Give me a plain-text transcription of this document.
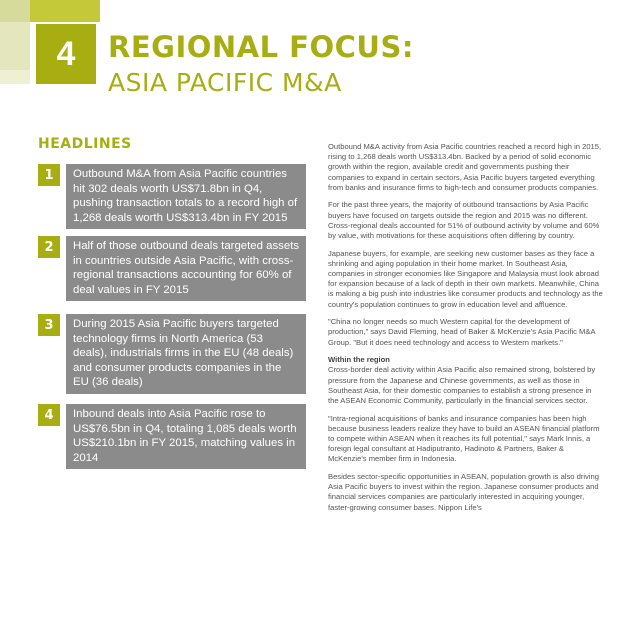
4	REGIONAL FOCUS:
ASIA PACIFIC M&A
HEADLINES
1	Outbound M&A from Asia Pacific countries hit 302 deals worth US$71.8bn in Q4, pushing transaction totals to a record high of 1,268 deals worth US$313.4bn in FY 2015
2	Half of those outbound deals targeted assets in countries outside Asia Pacific, with cross-regional transactions accounting for 60% of deal values in FY 2015
3	During 2015 Asia Pacific buyers targeted technology firms in North America (53 deals), industrials firms in the EU (48 deals) and consumer products companies in the EU (36 deals)
4	Inbound deals into Asia Pacific rose to US$76.5bn in Q4, totaling 1,085 deals worth US$210.1bn in FY 2015, matching values in 2014

Outbound M&A activity from Asia Pacific countries reached a record high in 2015, rising to 1,268 deals worth US$313.4bn. Backed by a period of solid economic growth within the region, available credit and governments pushing their companies to expand in certain sectors, Asia Pacific buyers targeted everything from banks and insurance firms to high-tech and consumer products companies.

For the past three years, the majority of outbound transactions by Asia Pacific buyers have focused on targets outside the region and 2015 was no different. Cross-regional deals accounted for 51% of outbound activity by volume and 60% by value, with motivations for these acquisitions often differing by country.

Japanese buyers, for example, are seeking new customer bases as they face a shrinking and aging population in their home market. In Southeast Asia, companies in stronger economies like Singapore and Malaysia must look abroad for expansion because of a lack of depth in their own markets. Meanwhile, China is making a big push into industries like consumer products and technology as the country's population continues to grow in education level and affluence.

"China no longer needs so much Western capital for the development of production," says David Fleming, head of Baker & McKenzie's Asia Pacific M&A Group. "But it does need technology and access to Western markets."

Within the region

Cross-border deal activity within Asia Pacific also remained strong, bolstered by pressure from the Japanese and Chinese governments, as well as those in Southeast Asia, for their domestic companies to establish a strong presence in the ASEAN Economic Community, particularly in the financial services sector.

"Intra-regional acquisitions of banks and insurance companies has been high because business leaders realize they have to build an ASEAN financial platform to compete within ASEAN when it reaches its full potential," says Mark Innis, a foreign legal consultant at Hadiputranto, Hadinoto & Partners, Baker & McKenzie's member firm in Indonesia.

Besides sector-specific opportunities in ASEAN, population growth is also driving Asia Pacific buyers to invest within the region. Japanese consumer products and financial services companies are particularly interested in acquiring younger, faster-growing consumer bases. Nippon Life's
